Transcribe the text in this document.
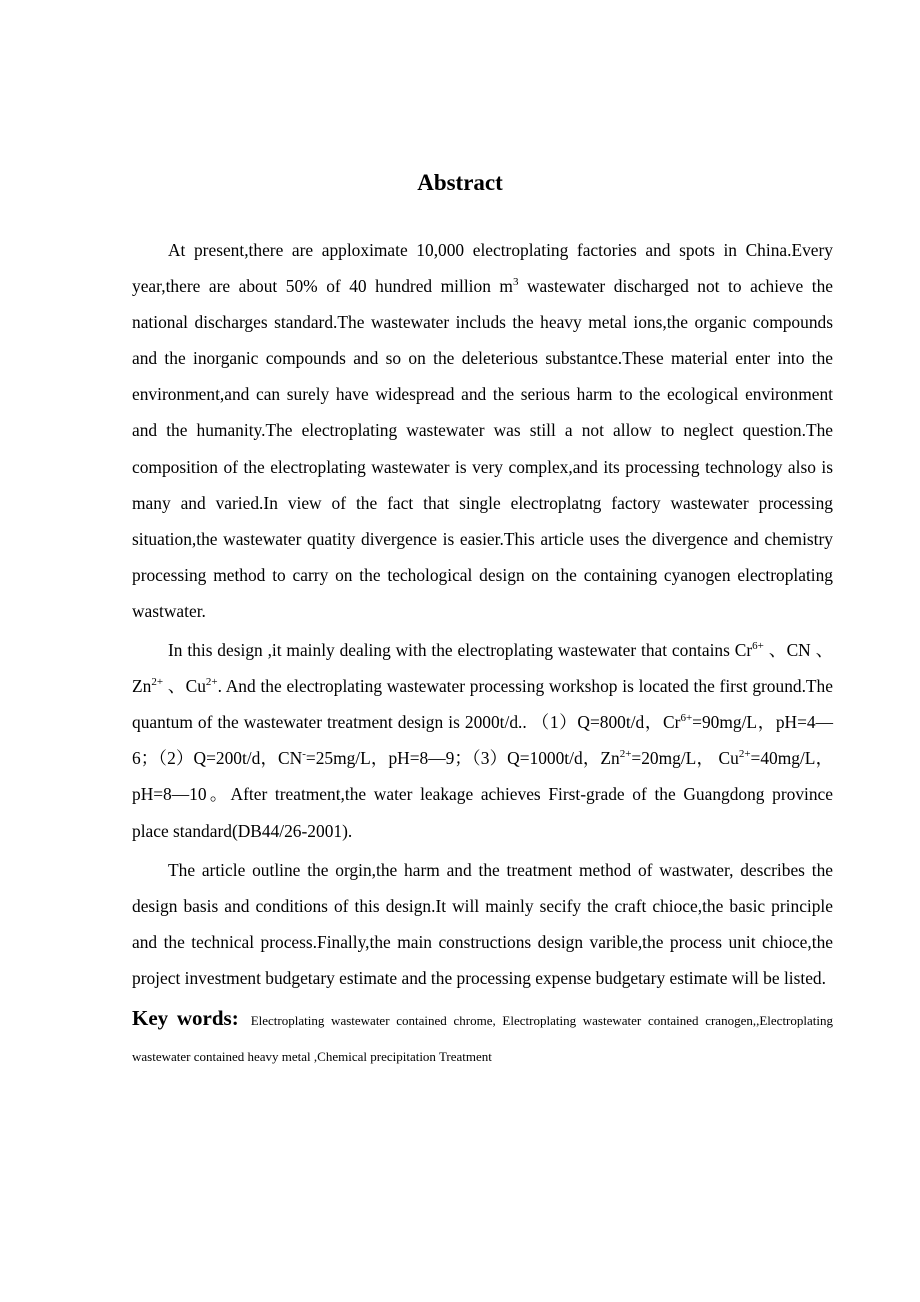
Abstract

At present,there are apploximate 10,000 electroplating factories and spots in China.Every year,there are about 50% of 40 hundred million $m^3$ wastewater discharged not to achieve the national discharges standard.The wastewater includs the heavy metal ions,the organic compounds and the inorganic compounds and so on the deleterious substantce.These material enter into the environment,and can surely have widespread and the serious harm to the ecological environment and the humanity.The electroplating wastewater was still a not allow to neglect question.The composition of the electroplating wastewater is very complex,and its processing technology also is many and varied.In view of the fact that single electroplatng factory wastewater processing situation,the wastewater quatity divergence is easier.This article uses the divergence and chemistry processing method to carry on the techological design on the containing cyanogen electroplating wastwater.

In this design ,it mainly dealing with the electroplating wastewater that contains $Cr^{6+}$ 、CN 、$Zn^{2+}$ 、$Cu^{2+}$. And the electroplating wastewater processing workshop is located the first ground.The quantum of the wastewater treatment design is 2000t/d.. （1）Q=800t/d，$Cr^{6+}=90mg/L$，pH=4—6；（2）Q=200t/d，CN-=25mg/L，pH=8—9；（3）Q=1000t/d，$Zn^{2+}=20mg/L$， $Cu^{2+}=40mg/L$， pH=8—10。After treatment,the water leakage achieves First-grade of the Guangdong province place standard(DB44/26-2001).

The article outline the orgin,the harm and the treatment method of wastwater, describes the design basis and conditions of this design.It will mainly secify the craft chioce,the basic principle and the technical process.Finally,the main constructions design varible,the process unit chioce,the project investment budgetary estimate and the processing expense budgetary estimate will be listed.

Key words: Electroplating wastewater contained chrome, Electroplating wastewater contained cranogen,,Electroplating wastewater contained heavy metal ,Chemical precipitation Treatment
